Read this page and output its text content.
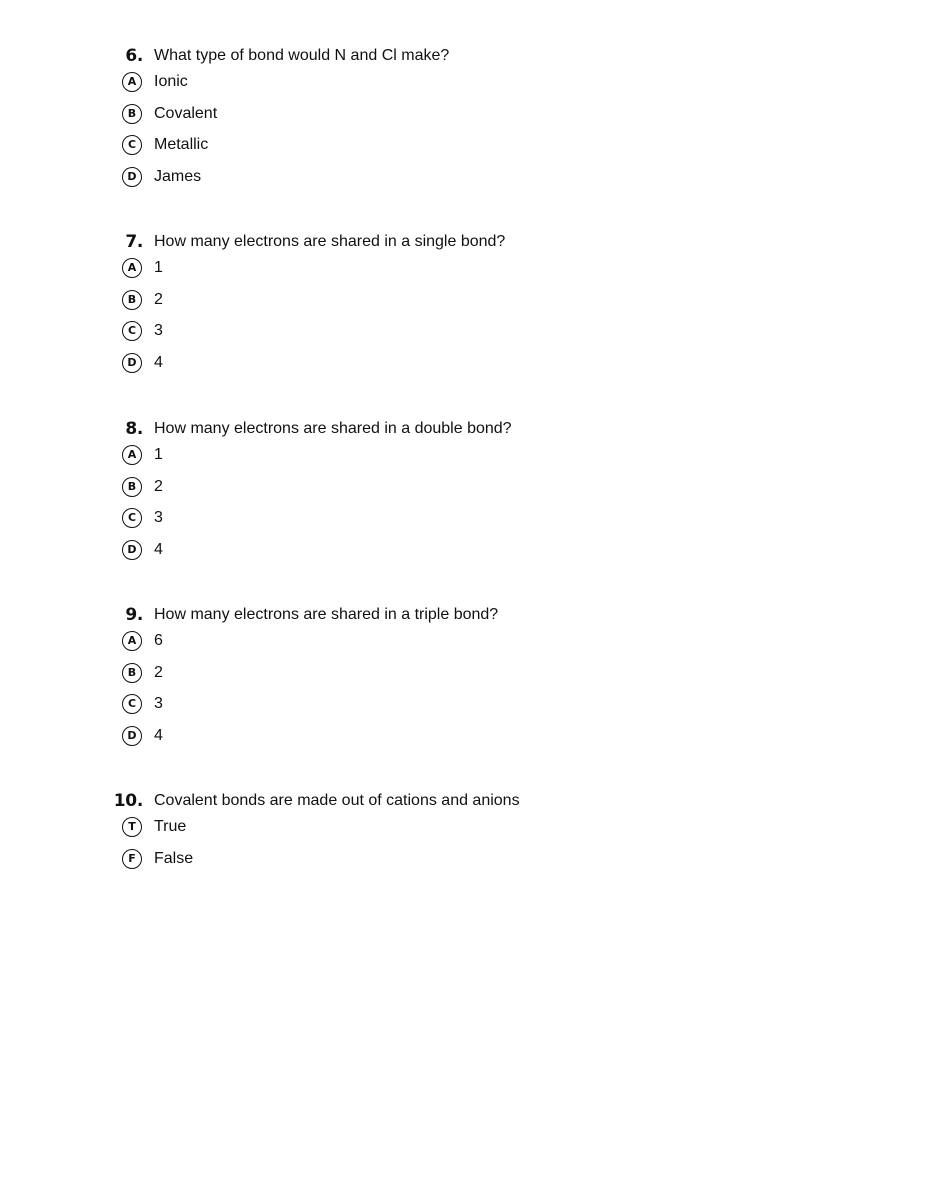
6. What type of bond would N and Cl make?
A	Ionic
B	Covalent
C	Metallic
D	James
7. How many electrons are shared in a single bond?
A	1
B	2
C	3
D	4
8. How many electrons are shared in a double bond?
A	1
B	2
C	3
D	4
9. How many electrons are shared in a triple bond?
A	6
B	2
C	3
D	4
10. Covalent bonds are made out of cations and anions
T	True
F	False
